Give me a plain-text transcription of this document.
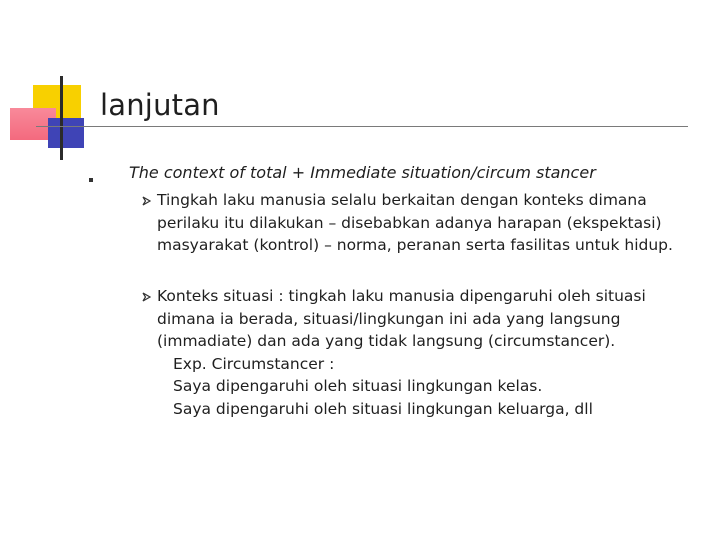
lanjutan
The context of total + Immediate situation/circum stancer
Tingkah laku manusia selalu berkaitan dengan konteks dimana
perilaku itu dilakukan – disebabkan adanya harapan (ekspektasi)
masyarakat (kontrol) – norma, peranan serta fasilitas untuk hidup.
Konteks situasi : tingkah laku manusia dipengaruhi oleh situasi
dimana ia berada, situasi/lingkungan ini ada yang langsung
(immadiate) dan ada yang tidak langsung (circumstancer).
Exp. Circumstancer :
Saya dipengaruhi oleh situasi lingkungan kelas.
Saya dipengaruhi oleh situasi lingkungan keluarga, dll
